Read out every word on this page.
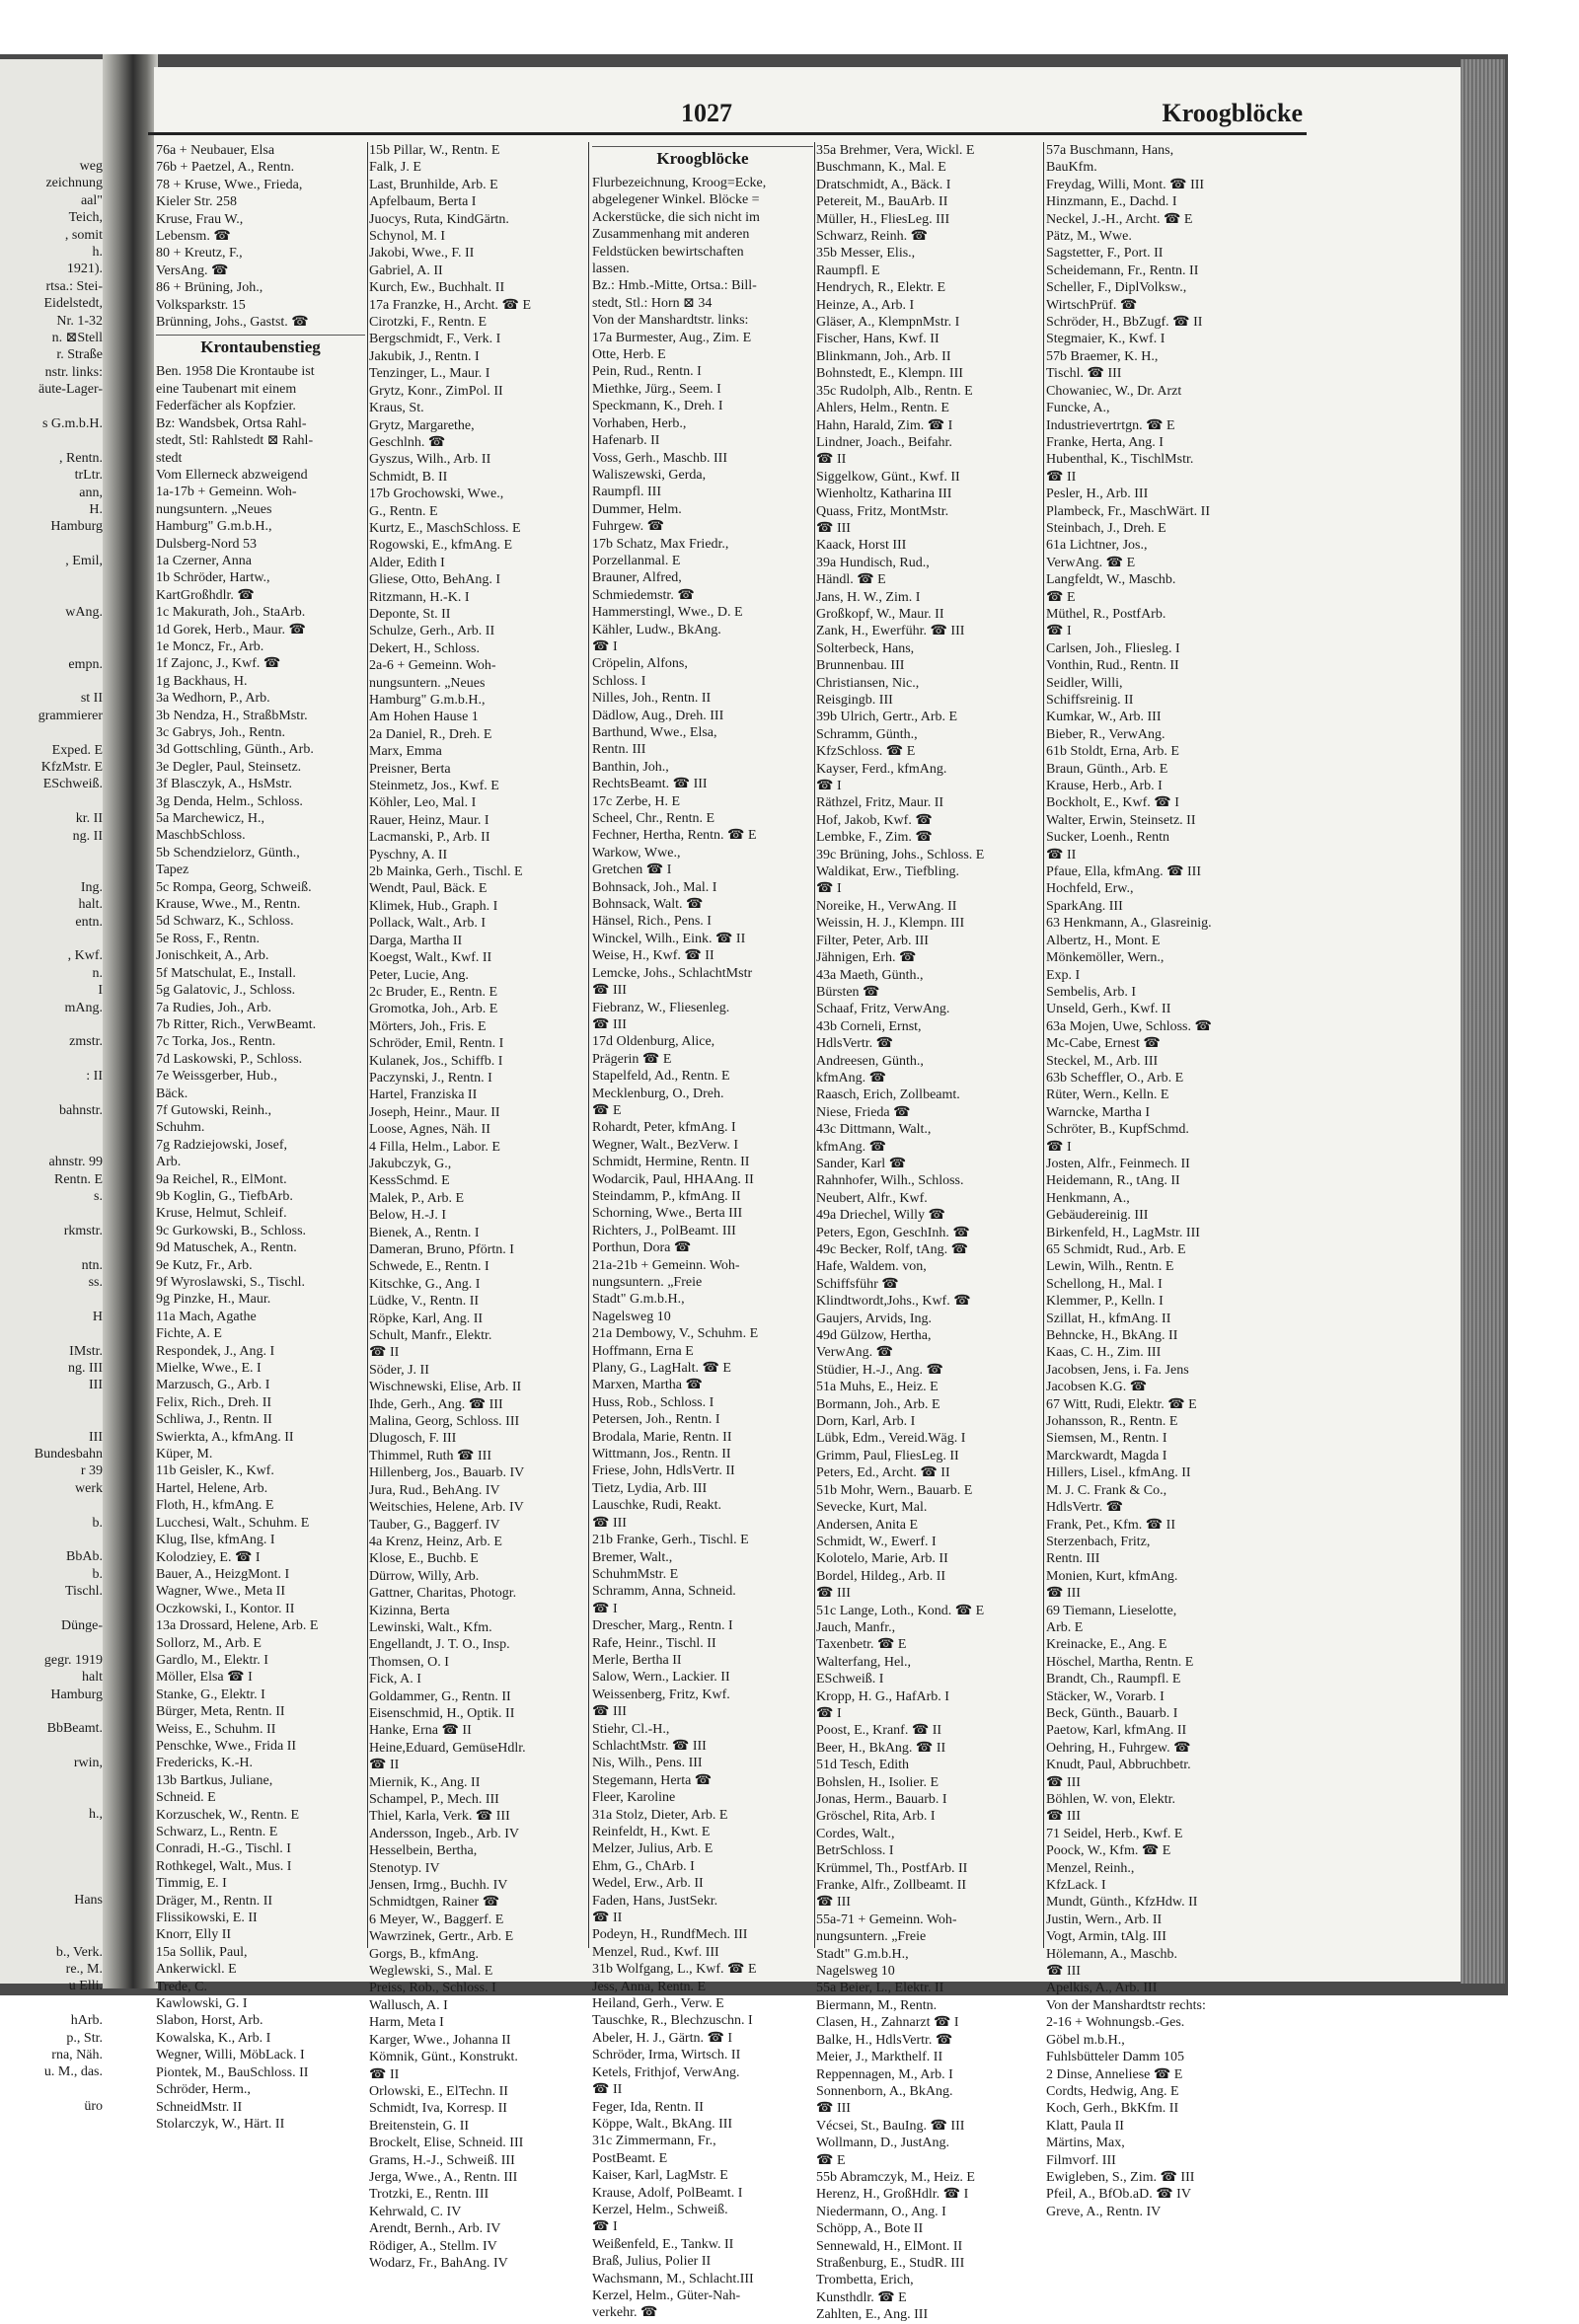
weg
zeichnung
aal"
Teich,
, somit
h.
1921).
rtsa.: Stei-
Eidelstedt,
Nr. 1-32
n. ⊠Stell
r. Straße
nstr. links:
äute-Lager-
s G.m.b.H.
, Rentn.
trLtr.
ann,
H.
Hamburg
, Emil,
wAng.
empn.
st II
grammierer
Exped. E
KfzMstr. E
ESchweiß.
kr. II
ng. II
Ing.
halt.
entn.
, Kwf.
n.
I
mAng.
zmstr.
: II
bahnstr.
ahnstr. 99
Rentn. E
s.
rkmstr.
ntn.
ss.
H
IMstr.
ng. III
III
III
Bundesbahn
r 39
werk
b.
BbAb.
b.
Tischl.
Dünge-
gegr. 1919
halt
Hamburg
BbBeamt.
rwin,
h.,
Hans
b., Verk.
re., M.
u Elli.
hArb.
p., Str.
rna, Näh.
u. M., das.
üro
1027	Kroogblöcke
76a + Neubauer, Elsa
76b + Paetzel, A., Rentn.
78 + Kruse, Wwe., Frieda,
Kieler Str. 258
Kruse, Frau W.,
Lebensm. ☎
80 + Kreutz, F.,
VersAng. ☎
86 + Brüning, Joh.,
Volksparkstr. 15
Brünning, Johs., Gastst. ☎
Krontaubenstieg
Ben. 1958 Die Krontaube ist
eine Taubenart mit einem
Federfächer als Kopfzier.
Bz: Wandsbek, Ortsa Rahl-
stedt, Stl: Rahlstedt ⊠ Rahl-
stedt
Vom Ellerneck abzweigend
1a-17b + Gemeinn. Woh-
nungsuntern. „Neues
Hamburg" G.m.b.H.,
Dulsberg-Nord 53
1a Czerner, Anna
1b Schröder, Hartw.,
KartGroßhdlr. ☎
1c Makurath, Joh., StaArb.
1d Gorek, Herb., Maur. ☎
1e Moncz, Fr., Arb.
1f Zajonc, J., Kwf. ☎
1g Backhaus, H.
3a Wedhorn, P., Arb.
3b Nendza, H., StraßbMstr.
3c Gabrys, Joh., Rentn.
3d Gottschling, Günth., Arb.
3e Degler, Paul, Steinsetz.
3f Blasczyk, A., HsMstr.
3g Denda, Helm., Schloss.
5a Marchewicz, H.,
MaschbSchloss.
5b Schendzielorz, Günth.,
Tapez
5c Rompa, Georg, Schweiß.
Krause, Wwe., M., Rentn.
5d Schwarz, K., Schloss.
5e Ross, F., Rentn.
Jonischkeit, A., Arb.
5f Matschulat, E., Install.
5g Galatovic, J., Schloss.
7a Rudies, Joh., Arb.
7b Ritter, Rich., VerwBeamt.
7c Torka, Jos., Rentn.
7d Laskowski, P., Schloss.
7e Weissgerber, Hub.,
Bäck.
7f Gutowski, Reinh.,
Schuhm.
7g Radziejowski, Josef,
Arb.
9a Reichel, R., ElMont.
9b Koglin, G., TiefbArb.
Kruse, Helmut, Schleif.
9c Gurkowski, B., Schloss.
9d Matuschek, A., Rentn.
9e Kutz, Fr., Arb.
9f Wyroslawski, S., Tischl.
9g Pinzke, H., Maur.
11a Mach, Agathe
Fichte, A. E
Respondek, J., Ang. I
Mielke, Wwe., E. I
Marzusch, G., Arb. I
Felix, Rich., Dreh. II
Schliwa, J., Rentn. II
Swierkta, A., kfmAng. II
Küper, M.
11b Geisler, K., Kwf.
Hartel, Helene, Arb.
Floth, H., kfmAng. E
Lucchesi, Walt., Schuhm. E
Klug, Ilse, kfmAng. I
Kolodziey, E. ☎ I
Bauer, A., HeizgMont. I
Wagner, Wwe., Meta II
Oczkowski, I., Kontor. II
13a Drossard, Helene, Arb. E
Sollorz, M., Arb. E
Gardlo, M., Elektr. I
Möller, Elsa ☎ I
Stanke, G., Elektr. I
Bürger, Meta, Rentn. II
Weiss, E., Schuhm. II
Penschke, Wwe., Frida II
Fredericks, K.-H.
13b Bartkus, Juliane,
Schneid. E
Korzuschek, W., Rentn. E
Schwarz, L., Rentn. E
Conradi, H.-G., Tischl. I
Rothkegel, Walt., Mus. I
Timmig, E. I
Dräger, M., Rentn. II
Flissikowski, E. II
Knorr, Elly II
15a Sollik, Paul,
Ankerwickl. E
Trede, C.
Kawlowski, G. I
Slabon, Horst, Arb.
Kowalska, K., Arb. I
Wegner, Willi, MöbLack. I
Piontek, M., BauSchloss. II
Schröder, Herm.,
SchneidMstr. II
Stolarczyk, W., Härt. II
15b Pillar, W., Rentn. E
Falk, J. E
Last, Brunhilde, Arb. E
Apfelbaum, Berta I
Juocys, Ruta, KindGärtn.
Schynol, M. I
Jakobi, Wwe., F. II
Gabriel, A. II
Kurch, Ew., Buchhalt. II
17a Franzke, H., Archt. ☎ E
Cirotzki, F., Rentn. E
Bergschmidt, F., Verk. I
Jakubik, J., Rentn. I
Tenzinger, L., Maur. I
Grytz, Konr., ZimPol. II
Kraus, St.
Grytz, Margarethe,
Geschlnh. ☎
Gyszus, Wilh., Arb. II
Schmidt, B. II
17b Grochowski, Wwe.,
G., Rentn. E
Kurtz, E., MaschSchloss. E
Rogowski, E., kfmAng. E
Alder, Edith I
Gliese, Otto, BehAng. I
Ritzmann, H.-K. I
Deponte, St. II
Schulze, Gerh., Arb. II
Dekert, H., Schloss.
2a-6 + Gemeinn. Woh-
nungsuntern. „Neues
Hamburg" G.m.b.H.,
Am Hohen Hause 1
2a Daniel, R., Dreh. E
Marx, Emma
Preisner, Berta
Steinmetz, Jos., Kwf. E
Köhler, Leo, Mal. I
Rauer, Heinz, Maur. I
Lacmanski, P., Arb. II
Pyschny, A. II
2b Mainka, Gerh., Tischl. E
Wendt, Paul, Bäck. E
Klimek, Hub., Graph. I
Pollack, Walt., Arb. I
Darga, Martha II
Koegst, Walt., Kwf. II
Peter, Lucie, Ang.
2c Bruder, E., Rentn. E
Gromotka, Joh., Arb. E
Mörters, Joh., Fris. E
Schröder, Emil, Rentn. I
Kulanek, Jos., Schiffb. I
Paczynski, J., Rentn. I
Hartel, Franziska II
Joseph, Heinr., Maur. II
Loose, Agnes, Näh. II
4 Filla, Helm., Labor. E
Jakubczyk, G.,
KessSchmd. E
Malek, P., Arb. E
Below, H.-J. I
Bienek, A., Rentn. I
Dameran, Bruno, Pförtn. I
Schwede, E., Rentn. I
Kitschke, G., Ang. I
Lüdke, V., Rentn. II
Röpke, Karl, Ang. II
Schult, Manfr., Elektr.
☎ II
Söder, J. II
Wischnewski, Elise, Arb. II
Ihde, Gerh., Ang. ☎ III
Malina, Georg, Schloss. III
Dlugosch, F. III
Thimmel, Ruth ☎ III
Hillenberg, Jos., Bauarb. IV
Jura, Rud., BehAng. IV
Weitschies, Helene, Arb. IV
Tauber, G., Baggerf. IV
4a Krenz, Heinz, Arb. E
Klose, E., Buchb. E
Dürrow, Willy, Arb.
Gattner, Charitas, Photogr.
Kizinna, Berta
Lewinski, Walt., Kfm.
Engellandt, J. T. O., Insp.
Thomsen, O. I
Fick, A. I
Goldammer, G., Rentn. II
Eisenschmid, H., Optik. II
Hanke, Erna ☎ II
Heine,Eduard, GemüseHdlr.
☎ II
Miernik, K., Ang. II
Schampel, P., Mech. III
Thiel, Karla, Verk. ☎ III
Andersson, Ingeb., Arb. IV
Hesselbein, Bertha,
Stenotyp. IV
Jensen, Irmg., Buchh. IV
Schmidtgen, Rainer ☎
6 Meyer, W., Baggerf. E
Wawrzinek, Gertr., Arb. E
Gorgs, B., kfmAng.
Weglewski, S., Mal. E
Preiss, Rob., Schloss. I
Wallusch, A. I
Harm, Meta I
Karger, Wwe., Johanna II
Kömnik, Günt., Konstrukt.
☎ II
Orlowski, E., ElTechn. II
Schmidt, Iva, Korresp. II
Breitenstein, G. II
Brockelt, Elise, Schneid. III
Grams, H.-J., Schweiß. III
Jerga, Wwe., A., Rentn. III
Trotzki, E., Rentn. III
Kehrwald, C. IV
Arendt, Bernh., Arb. IV
Rödiger, A., Stellm. IV
Wodarz, Fr., BahAng. IV
Kroogblöcke
Flurbezeichnung, Kroog=Ecke,
abgelegener Winkel. Blöcke =
Ackerstücke, die sich nicht im
Zusammenhang mit anderen
Feldstücken bewirtschaften
lassen.
Bz.: Hmb.-Mitte, Ortsa.: Bill-
stedt, Stl.: Horn ⊠ 34
Von der Manshardtstr. links:
17a Burmester, Aug., Zim. E
Otte, Herb. E
Pein, Rud., Rentn. I
Miethke, Jürg., Seem. I
Speckmann, K., Dreh. I
Vorhaben, Herb.,
Hafenarb. II
Voss, Gerh., Maschb. III
Waliszewski, Gerda,
Raumpfl. III
Dummer, Helm.
Fuhrgew. ☎
17b Schatz, Max Friedr.,
Porzellanmal. E
Brauner, Alfred,
Schmiedemstr. ☎
Hammerstingl, Wwe., D. E
Kähler, Ludw., BkAng.
☎ I
Cröpelin, Alfons,
Schloss. I
Nilles, Joh., Rentn. II
Dädlow, Aug., Dreh. III
Barthund, Wwe., Elsa,
Rentn. III
Banthin, Joh.,
RechtsBeamt. ☎ III
17c Zerbe, H. E
Scheel, Chr., Rentn. E
Fechner, Hertha, Rentn. ☎ E
Warkow, Wwe.,
Gretchen ☎ I
Bohnsack, Joh., Mal. I
Bohnsack, Walt. ☎
Hänsel, Rich., Pens. I
Winckel, Wilh., Eink. ☎ II
Weise, H., Kwf. ☎ II
Lemcke, Johs., SchlachtMstr
☎ III
Fiebranz, W., Fliesenleg.
☎ III
17d Oldenburg, Alice,
Prägerin ☎ E
Stapelfeld, Ad., Rentn. E
Mecklenburg, O., Dreh.
☎ E
Rohardt, Peter, kfmAng. I
Wegner, Walt., BezVerw. I
Schmidt, Hermine, Rentn. II
Wodarcik, Paul, HHAAng. II
Steindamm, P., kfmAng. II
Schorning, Wwe., Berta III
Richters, J., PolBeamt. III
Porthun, Dora ☎
21a-21b + Gemeinn. Woh-
nungsuntern. „Freie
Stadt" G.m.b.H.,
Nagelsweg 10
21a Dembowy, V., Schuhm. E
Hoffmann, Erna E
Plany, G., LagHalt. ☎ E
Marxen, Martha ☎
Huss, Rob., Schloss. I
Petersen, Joh., Rentn. I
Brodala, Marie, Rentn. II
Wittmann, Jos., Rentn. II
Friese, John, HdlsVertr. II
Tietz, Lydia, Arb. III
Lauschke, Rudi, Reakt.
☎ III
21b Franke, Gerh., Tischl. E
Bremer, Walt.,
SchuhmMstr. E
Schramm, Anna, Schneid.
☎ I
Drescher, Marg., Rentn. I
Rafe, Heinr., Tischl. II
Merle, Bertha II
Salow, Wern., Lackier. II
Weissenberg, Fritz, Kwf.
☎ III
Stiehr, Cl.-H.,
SchlachtMstr. ☎ III
Nis, Wilh., Pens. III
Stegemann, Herta ☎
Fleer, Karoline
31a Stolz, Dieter, Arb. E
Reinfeldt, H., Kwt. E
Melzer, Julius, Arb. E
Ehm, G., ChArb. I
Wedel, Erw., Arb. II
Faden, Hans, JustSekr.
☎ II
Podeyn, H., RundfMech. III
Menzel, Rud., Kwf. III
31b Wolfgang, L., Kwf. ☎ E
Jess, Anna, Rentn. E
Heiland, Gerh., Verw. E
Tauschke, R., Blechzuschn. I
Abeler, H. J., Gärtn. ☎ I
Schröder, Irma, Wirtsch. II
Ketels, Frithjof, VerwAng.
☎ II
Feger, Ida, Rentn. II
Köppe, Walt., BkAng. III
31c Zimmermann, Fr.,
PostBeamt. E
Kaiser, Karl, LagMstr. E
Krause, Adolf, PolBeamt. I
Kerzel, Helm., Schweiß.
☎ I
Weißenfeld, E., Tankw. II
Braß, Julius, Polier II
Wachsmann, M., Schlacht.III
Kerzel, Helm., Güter-Nah-
verkehr. ☎
35a Brehmer, Vera, Wickl. E
Buschmann, K., Mal. E
Dratschmidt, A., Bäck. I
Petereit, M., BauArb. II
Müller, H., FliesLeg. III
Schwarz, Reinh. ☎
35b Messer, Elis.,
Raumpfl. E
Hendrych, R., Elektr. E
Heinze, A., Arb. I
Gläser, A., KlempnMstr. I
Fischer, Hans, Kwf. II
Blinkmann, Joh., Arb. II
Bohnstedt, E., Klempn. III
35c Rudolph, Alb., Rentn. E
Ahlers, Helm., Rentn. E
Hahn, Harald, Zim. ☎ I
Lindner, Joach., Beifahr.
☎ II
Siggelkow, Günt., Kwf. II
Wienholtz, Katharina III
Quass, Fritz, MontMstr.
☎ III
Kaack, Horst III
39a Hundisch, Rud.,
Händl. ☎ E
Jans, H. W., Zim. I
Großkopf, W., Maur. II
Zank, H., Ewerführ. ☎ III
Solterbeck, Hans,
Brunnenbau. III
Christiansen, Nic.,
Reisgingb. III
39b Ulrich, Gertr., Arb. E
Schramm, Günth.,
KfzSchloss. ☎ E
Kayser, Ferd., kfmAng.
☎ I
Räthzel, Fritz, Maur. II
Hof, Jakob, Kwf. ☎
Lembke, F., Zim. ☎
39c Brüning, Johs., Schloss. E
Waldikat, Erw., Tiefbling.
☎ I
Noreike, H., VerwAng. II
Weissin, H. J., Klempn. III
Filter, Peter, Arb. III
Jähnigen, Erh. ☎
43a Maeth, Günth.,
Bürsten ☎
Schaaf, Fritz, VerwAng.
43b Corneli, Ernst,
HdlsVertr. ☎
Andreesen, Günth.,
kfmAng. ☎
Raasch, Erich, Zollbeamt.
Niese, Frieda ☎
43c Dittmann, Walt.,
kfmAng. ☎
Sander, Karl ☎
Rahnhofer, Wilh., Schloss.
Neubert, Alfr., Kwf.
49a Driechel, Willy ☎
Peters, Egon, GeschInh. ☎
49c Becker, Rolf, tAng. ☎
Hafe, Waldem. von,
Schiffsführ ☎
Klindtwordt,Johs., Kwf. ☎
Gaujers, Arvids, Ing.
49d Gülzow, Hertha,
VerwAng. ☎
Stüdier, H.-J., Ang. ☎
51a Muhs, E., Heiz. E
Bormann, Joh., Arb. E
Dorn, Karl, Arb. I
Lübk, Edm., Vereid.Wäg. I
Grimm, Paul, FliesLeg. II
Peters, Ed., Archt. ☎ II
51b Mohr, Wern., Bauarb. E
Sevecke, Kurt, Mal.
Andersen, Anita E
Schmidt, W., Ewerf. I
Kolotelo, Marie, Arb. II
Bordel, Hildeg., Arb. II
☎ III
51c Lange, Loth., Kond. ☎ E
Jauch, Manfr.,
Taxenbetr. ☎ E
Walterfang, Hel.,
ESchweiß. I
Kropp, H. G., HafArb. I
☎ I
Poost, E., Kranf. ☎ II
Beer, H., BkAng. ☎ II
51d Tesch, Edith
Bohslen, H., Isolier. E
Jonas, Herm., Bauarb. I
Gröschel, Rita, Arb. I
Cordes, Walt.,
BetrSchloss. I
Krümmel, Th., PostfArb. II
Franke, Alfr., Zollbeamt. II
☎ III
55a-71 + Gemeinn. Woh-
nungsuntern. „Freie
Stadt" G.m.b.H.,
Nagelsweg 10
55a Beier, L., Elektr. II
Biermann, M., Rentn.
Clasen, H., Zahnarzt ☎ I
Balke, H., HdlsVertr. ☎
Meier, J., Markthelf. II
Reppennagen, M., Arb. I
Sonnenborn, A., BkAng.
☎ III
Vécsei, St., BauIng. ☎ III
Wollmann, D., JustAng.
☎ E
55b Abramczyk, M., Heiz. E
Herenz, H., GroßHdlr. ☎ I
Niedermann, O., Ang. I
Schöpp, A., Bote II
Sennewald, H., ElMont. II
Straßenburg, E., StudR. III
Trombetta, Erich,
Kunsthdlr. ☎ E
Zahlten, E., Ang. III
57a Buschmann, Hans,
BauKfm.
Freydag, Willi, Mont. ☎ III
Hinzmann, E., Dachd. I
Neckel, J.-H., Archt. ☎ E
Pätz, M., Wwe.
Sagstetter, F., Port. II
Scheidemann, Fr., Rentn. II
Scheller, F., DiplVolksw.,
WirtschPrüf. ☎
Schröder, H., BbZugf. ☎ II
Stegmaier, K., Kwf. I
57b Braemer, K. H.,
Tischl. ☎ III
Chowaniec, W., Dr. Arzt
Funcke, A.,
Industrievertrtgn. ☎ E
Franke, Herta, Ang. I
Hubenthal, K., TischlMstr.
☎ II
Pesler, H., Arb. III
Plambeck, Fr., MaschWärt. II
Steinbach, J., Dreh. E
61a Lichtner, Jos.,
VerwAng. ☎ E
Langfeldt, W., Maschb.
☎ E
Müthel, R., PostfArb.
☎ I
Carlsen, Joh., Fliesleg. I
Vonthin, Rud., Rentn. II
Seidler, Willi,
Schiffsreinig. II
Kumkar, W., Arb. III
Bieber, R., VerwAng.
61b Stoldt, Erna, Arb. E
Braun, Günth., Arb. E
Krause, Herb., Arb. I
Bockholt, E., Kwf. ☎ I
Walter, Erwin, Steinsetz. II
Sucker, Loenh., Rentn
☎ II
Pfaue, Ella, kfmAng. ☎ III
Hochfeld, Erw.,
SparkAng. III
63 Henkmann, A., Glasreinig.
Albertz, H., Mont. E
Mönkemöller, Wern.,
Exp. I
Sembelis, Arb. I
Unseld, Gerh., Kwf. II
63a Mojen, Uwe, Schloss. ☎
Mc-Cabe, Ernest ☎
Steckel, M., Arb. III
63b Scheffler, O., Arb. E
Rüter, Wern., Kelln. E
Warncke, Martha I
Schröter, B., KupfSchmd.
☎ I
Josten, Alfr., Feinmech. II
Heidemann, R., tAng. II
Henkmann, A.,
Gebäudereinig. III
Birkenfeld, H., LagMstr. III
65 Schmidt, Rud., Arb. E
Lewin, Wilh., Rentn. E
Schellong, H., Mal. I
Klemmer, P., Kelln. I
Szillat, H., kfmAng. II
Behncke, H., BkAng. II
Kaas, C. H., Zim. III
Jacobsen, Jens, i. Fa. Jens
Jacobsen K.G. ☎
67 Witt, Rudi, Elektr. ☎ E
Johansson, R., Rentn. E
Siemsen, M., Rentn. I
Marckwardt, Magda I
Hillers, Lisel., kfmAng. II
M. J. C. Frank & Co.,
HdlsVertr. ☎
Frank, Pet., Kfm. ☎ II
Sterzenbach, Fritz,
Rentn. III
Monien, Kurt, kfmAng.
☎ III
69 Tiemann, Lieselotte,
Arb. E
Kreinacke, E., Ang. E
Höschel, Martha, Rentn. E
Brandt, Ch., Raumpfl. E
Stäcker, W., Vorarb. I
Beck, Günth., Bauarb. I
Paetow, Karl, kfmAng. II
Oehring, H., Fuhrgew. ☎
Knudt, Paul, Abbruchbetr.
☎ III
Böhlen, W. von, Elektr.
☎ III
71 Seidel, Herb., Kwf. E
Poock, W., Kfm. ☎ E
Menzel, Reinh.,
KfzLack. I
Mundt, Günth., KfzHdw. II
Justin, Wern., Arb. II
Vogt, Armin, tAlg. III
Hölemann, A., Maschb.
☎ III
Apelkis, A., Arb. III
Von der Manshardtstr rechts:
2-16 + Wohnungsb.-Ges.
Göbel m.b.H.,
Fuhlsbütteler Damm 105
2 Dinse, Anneliese ☎ E
Cordts, Hedwig, Ang. E
Koch, Gerh., BkKfm. II
Klatt, Paula II
Märtins, Max,
Filmvorf. III
Ewigleben, S., Zim. ☎ III
Pfeil, A., BfOb.aD. ☎ IV
Greve, A., Rentn. IV
